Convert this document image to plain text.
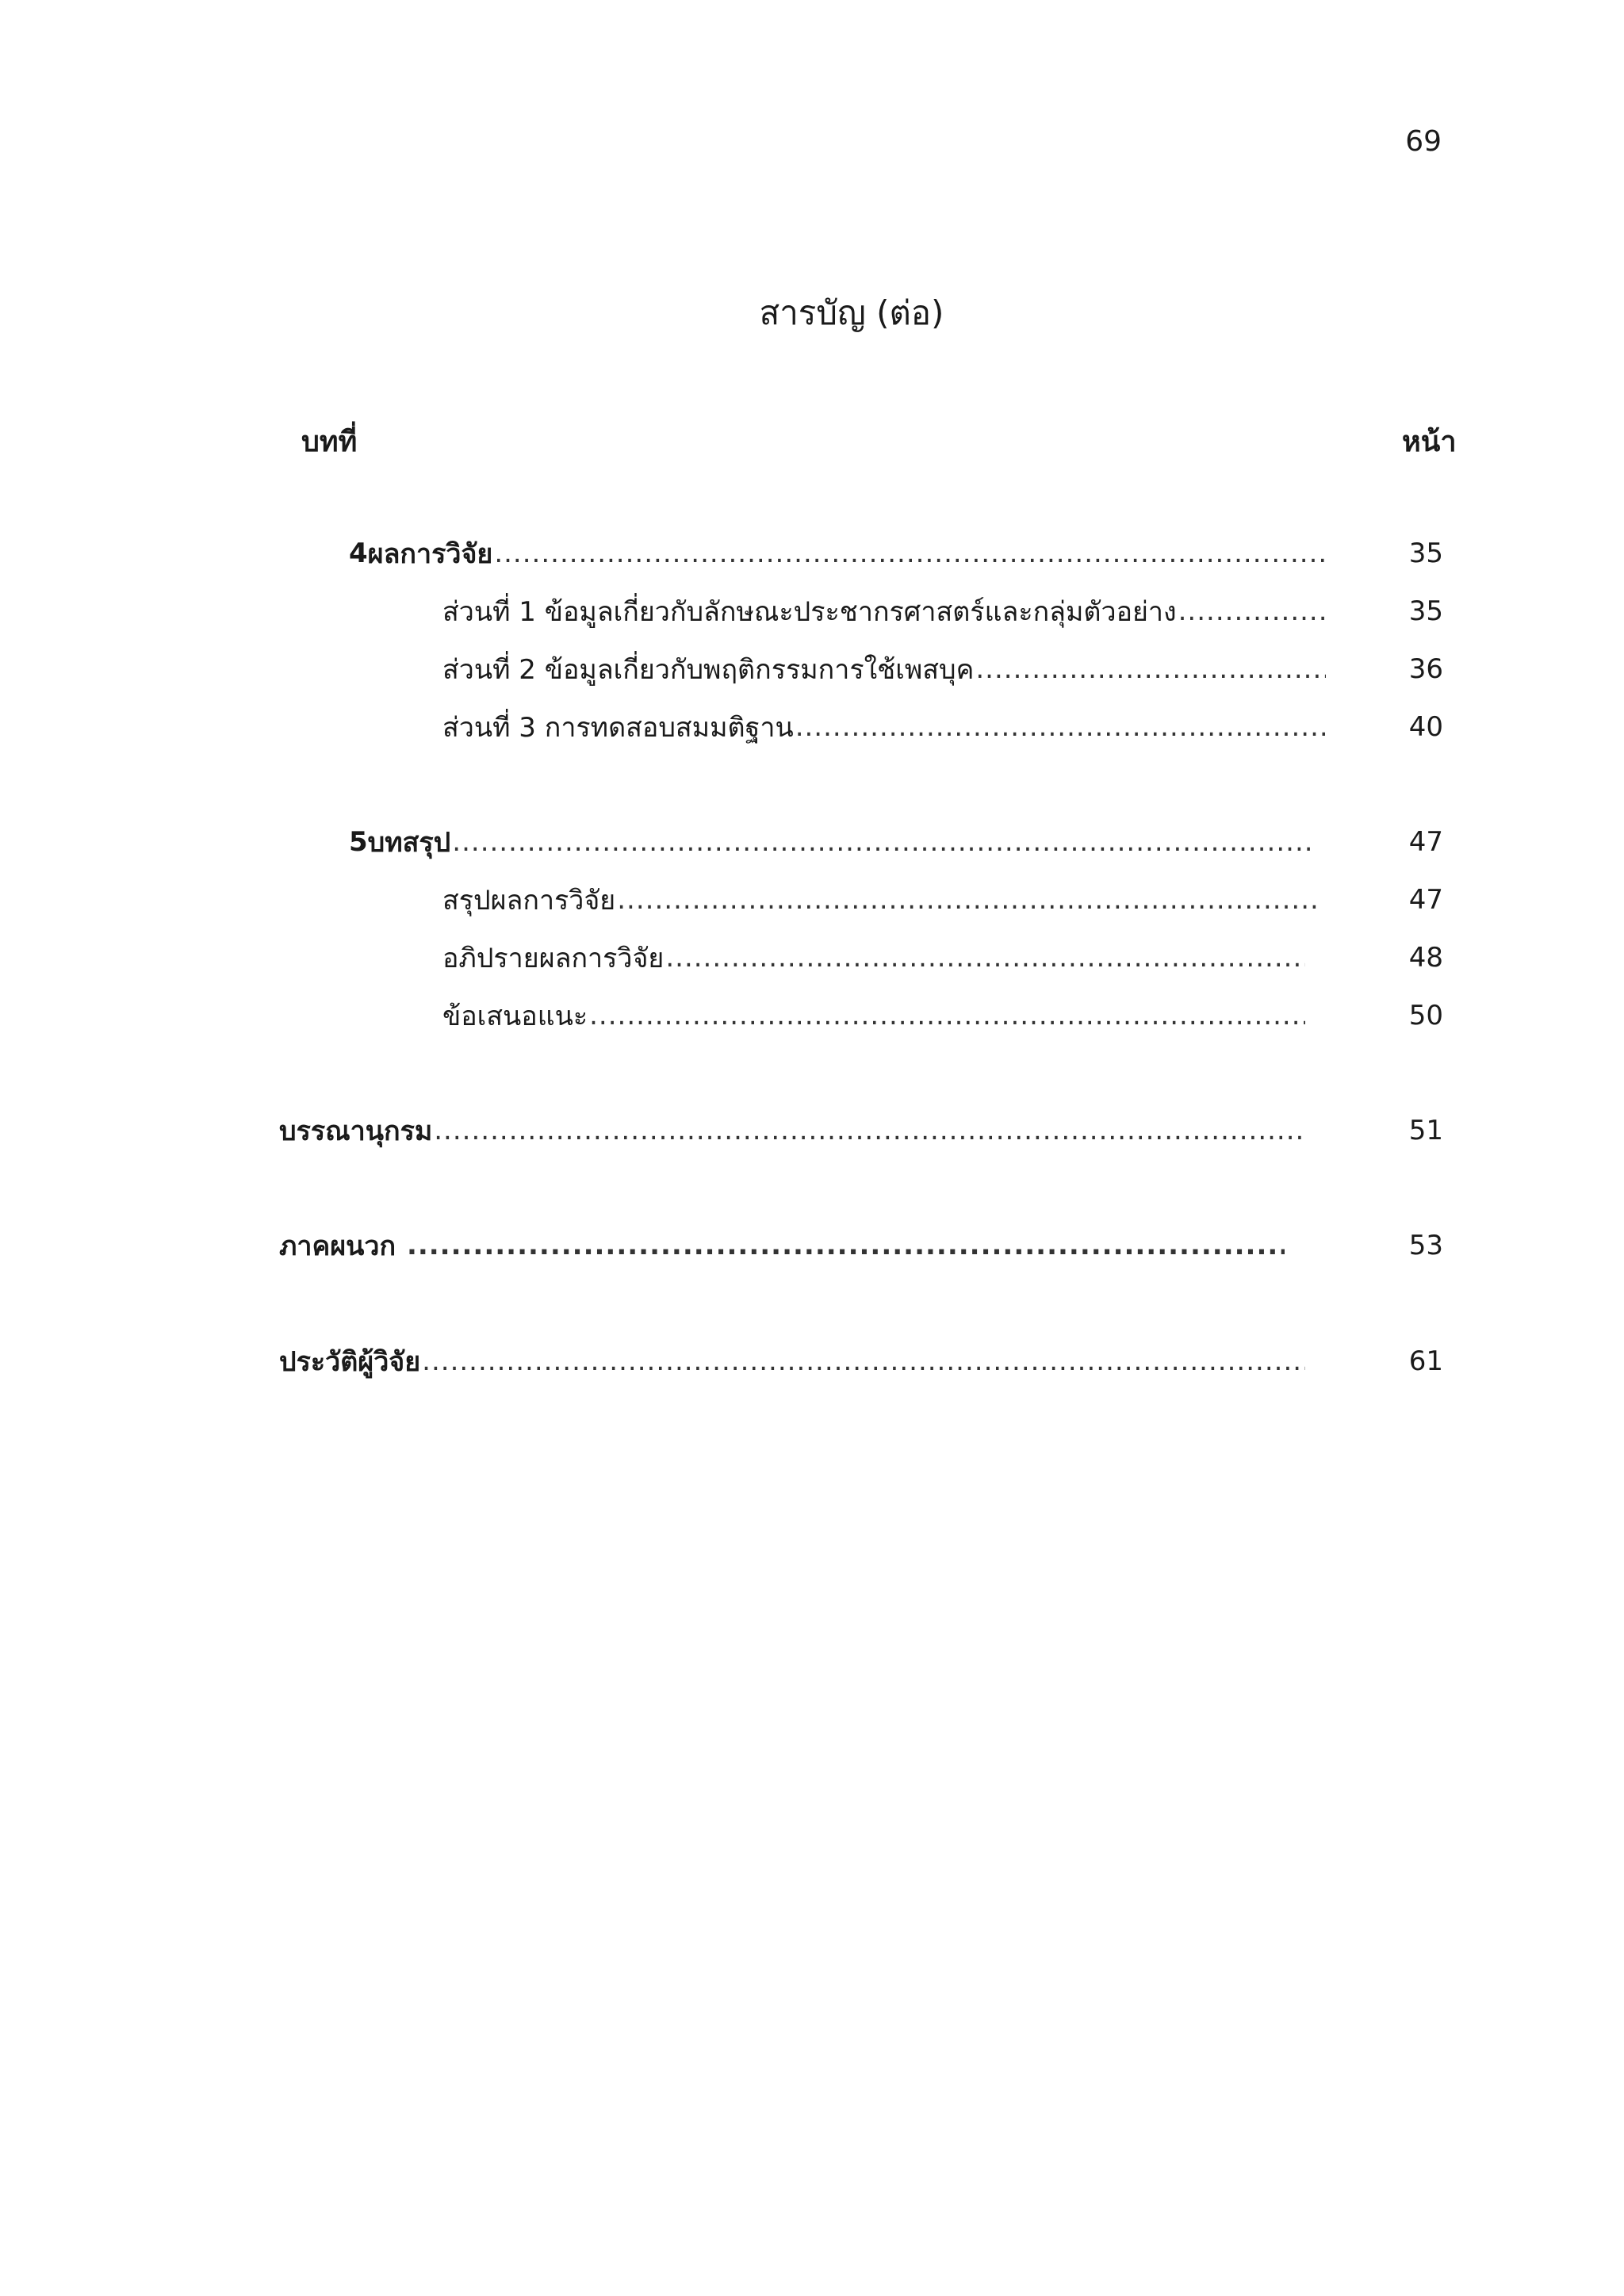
69
สารบัญ (ต่อ)
บทที่	หน้า
4 ผลการวิจัย .....	35
ส่วนที่ 1 ข้อมูลเกี่ยวกับลักษณะประชากรศาสตร์และกลุ่มตัวอย่าง .....	35
ส่วนที่ 2 ข้อมูลเกี่ยวกับพฤติกรรมการใช้เพสบุค .....	36
ส่วนที่ 3 การทดสอบสมมติฐาน .....	40
5 บทสรุป .....	47
สรุปผลการวิจัย .....	47
อภิปรายผลการวิจัย .....	48
ข้อเสนอแนะ .....	50
บรรณานุกรม .....	51
ภาคผนวก .....	53
ประวัติผู้วิจัย .....	61
